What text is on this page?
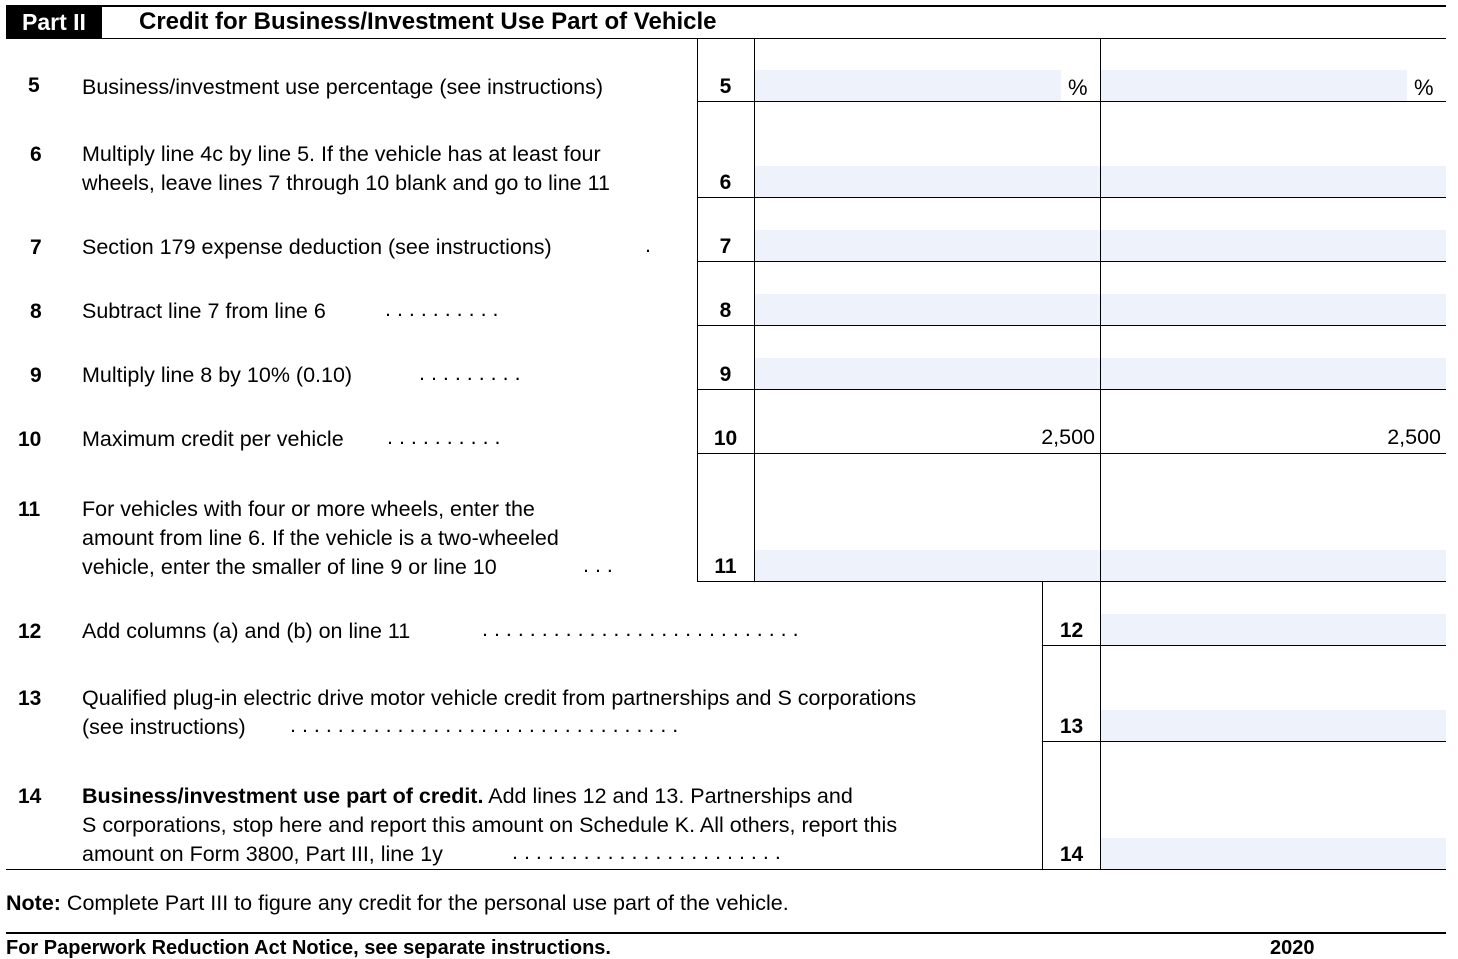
Part II	Credit for Business/Investment Use Part of Vehicle
5 Business/investment use percentage (see instructions)	5	%	%
6 Multiply line 4c by line 5. If the vehicle has at least four
wheels, leave lines 7 through 10 blank and go to line 11	6
7 Section 179 expense deduction (see instructions)	.	7
8 Subtract line 7 from line 6	. . . . . . . . . .	8
9 Multiply line 8 by 10% (0.10)	. . . . . . . . .	9
10 Maximum credit per vehicle	. . . . . . . . . .	10	2,500	2,500
11 For vehicles with four or more wheels, enter the
amount from line 6. If the vehicle is a two-wheeled
vehicle, enter the smaller of line 9 or line 10	. . .	11
12 Add columns (a) and (b) on line 11	. . . . . . . . . . . . . . . . . . . . . . . . . . .	12
13 Qualified plug-in electric drive motor vehicle credit from partnerships and S corporations
(see instructions)	. . . . . . . . . . . . . . . . . . . . . . . . . . . . . . . . .	13
14 Business/investment use part of credit. Add lines 12 and 13. Partnerships and
S corporations, stop here and report this amount on Schedule K. All others, report this
amount on Form 3800, Part III, line 1y	. . . . . . . . . . . . . . . . . . . . . . .	14
Note: Complete Part III to figure any credit for the personal use part of the vehicle.
For Paperwork Reduction Act Notice, see separate instructions.	2020
